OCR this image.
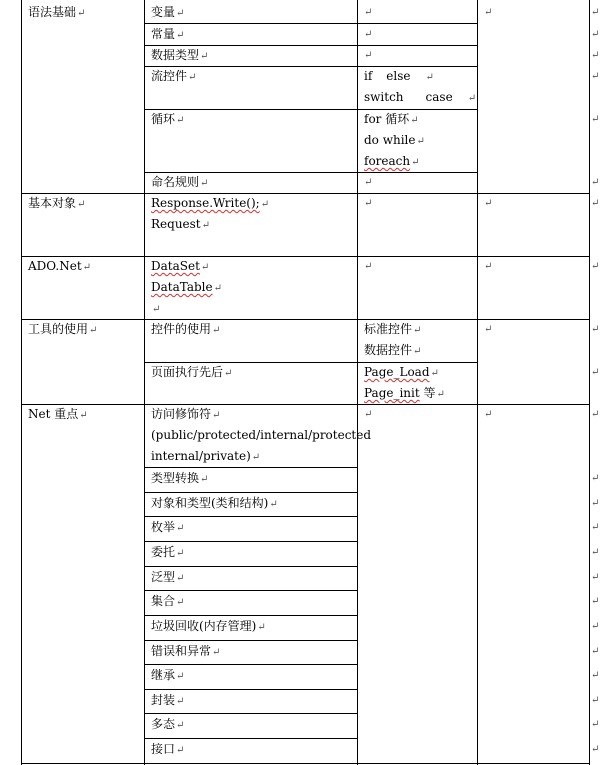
语法基础↵
基本对象↵
ADO.Net↵
工具的使用↵
Net 重点↵
变量↵
常量↵
数据类型↵
流控件↵
循环↵
命名规则↵
Response.Write();↵
Request↵
DataSet↵
DataTable↵
↵
控件的使用↵
页面执行先后↵
访问修饰符↵
(public/protected/internal/protected
internal/private)↵
类型转换↵
对象和类型(类和结构)↵
枚举↵
委托↵
泛型↵
集合↵
垃圾回收(内存管理)↵
错误和异常↵
继承↵
封装↵
多态↵
接口↵
↵
↵
↵
if else ↵
switch case ↵
for 循环↵
do while↵
foreach↵
↵
↵
↵
标准控件↵
数据控件↵
Page_Load↵
Page_init 等↵
↵
↵
↵
↵
↵
↵
↵
↵
↵
↵
↵
↵
↵
↵
↵
↵
↵
↵
↵
↵
↵
↵
↵
↵
↵
↵
↵
↵
↵
